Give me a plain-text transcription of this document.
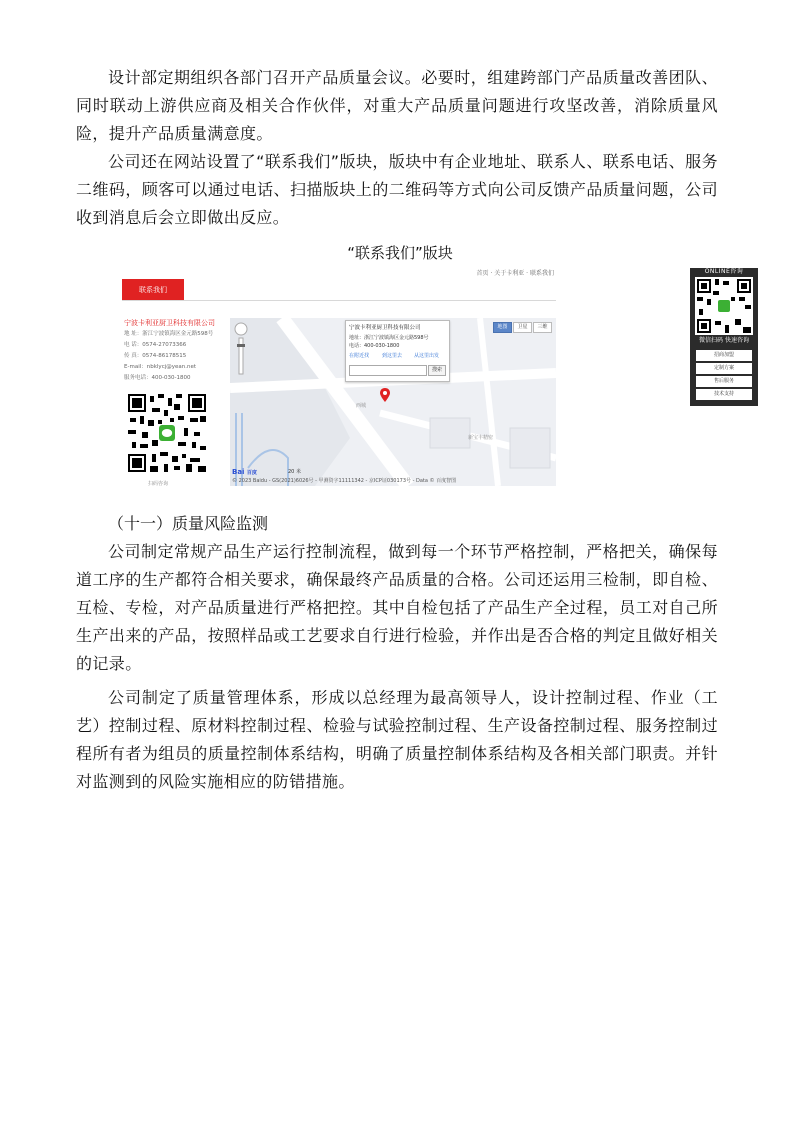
设计部定期组织各部门召开产品质量会议。必要时，组建跨部门产品质量改善团队、同时联动上游供应商及相关合作伙伴，对重大产品质量问题进行攻坚改善，消除质量风险，提升产品质量满意度。

公司还在网站设置了“联系我们”版块，版块中有企业地址、联系人、联系电话、服务二维码，顾客可以通过电话、扫描版块上的二维码等方式向公司反馈产品质量问题，公司收到消息后会立即做出反应。

“联系我们”版块
首页 · 关于卡利亚 · 联系我们
联系我们
宁波卡利亚厨卫科技有限公司
地 址：浙江宁波镇海区金元路598号
电 话：0574-27073366
传 真：0574-86178515
E-mail：nbklycj@yean.net
服务电话：400-030-1800
扫码咨询
宁波卡利亚厨卫科技有限公司
地址：浙江宁波镇海区金元路598号
电话：400-030-1800
在附近找	到这里去 从这里出发
搜索
地图 卫星 三维
西城
新宝丰精密
Bai 百度	20 米
© 2023 Baidu - GS(2021)6026号 - 甲测资字11111342 - 京ICP证030173号 - Data © 百度智图
ONLINE咨询
微信扫码 快速咨询
招商加盟
定制方案
售后服务
技术支持
（十一）质量风险监测

公司制定常规产品生产运行控制流程，做到每一个环节严格控制，严格把关，确保每道工序的生产都符合相关要求，确保最终产品质量的合格。公司还运用三检制，即自检、互检、专检，对产品质量进行严格把控。其中自检包括了产品生产全过程，员工对自己所生产出来的产品，按照样品或工艺要求自行进行检验，并作出是否合格的判定且做好相关的记录。

公司制定了质量管理体系，形成以总经理为最高领导人，设计控制过程、作业（工艺）控制过程、原材料控制过程、检验与试验控制过程、生产设备控制过程、服务控制过程所有者为组员的质量控制体系结构，明确了质量控制体系结构及各相关部门职责。并针对监测到的风险实施相应的防错措施。
